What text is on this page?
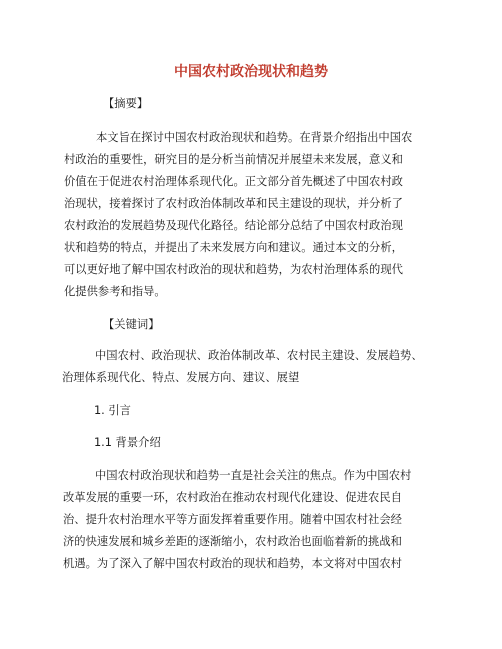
中国农村政治现状和趋势

【摘要】

本文旨在探讨中国农村政治现状和趋势。在背景介绍指出中国农

村政治的重要性，研究目的是分析当前情况并展望未来发展，意义和

价值在于促进农村治理体系现代化。正文部分首先概述了中国农村政

治现状，接着探讨了农村政治体制改革和民主建设的现状，并分析了

农村政治的发展趋势及现代化路径。结论部分总结了中国农村政治现

状和趋势的特点，并提出了未来发展方向和建议。通过本文的分析，

可以更好地了解中国农村政治的现状和趋势，为农村治理体系的现代

化提供参考和指导。

【关键词】

中国农村、政治现状、政治体制改革、农村民主建设、发展趋势、

治理体系现代化、特点、发展方向、建议、展望

1. 引言

1.1 背景介绍

中国农村政治现状和趋势一直是社会关注的焦点。作为中国农村

改革发展的重要一环，农村政治在推动农村现代化建设、促进农民自

治、提升农村治理水平等方面发挥着重要作用。随着中国农村社会经

济的快速发展和城乡差距的逐渐缩小，农村政治也面临着新的挑战和

机遇。为了深入了解中国农村政治的现状和趋势，本文将对中国农村
